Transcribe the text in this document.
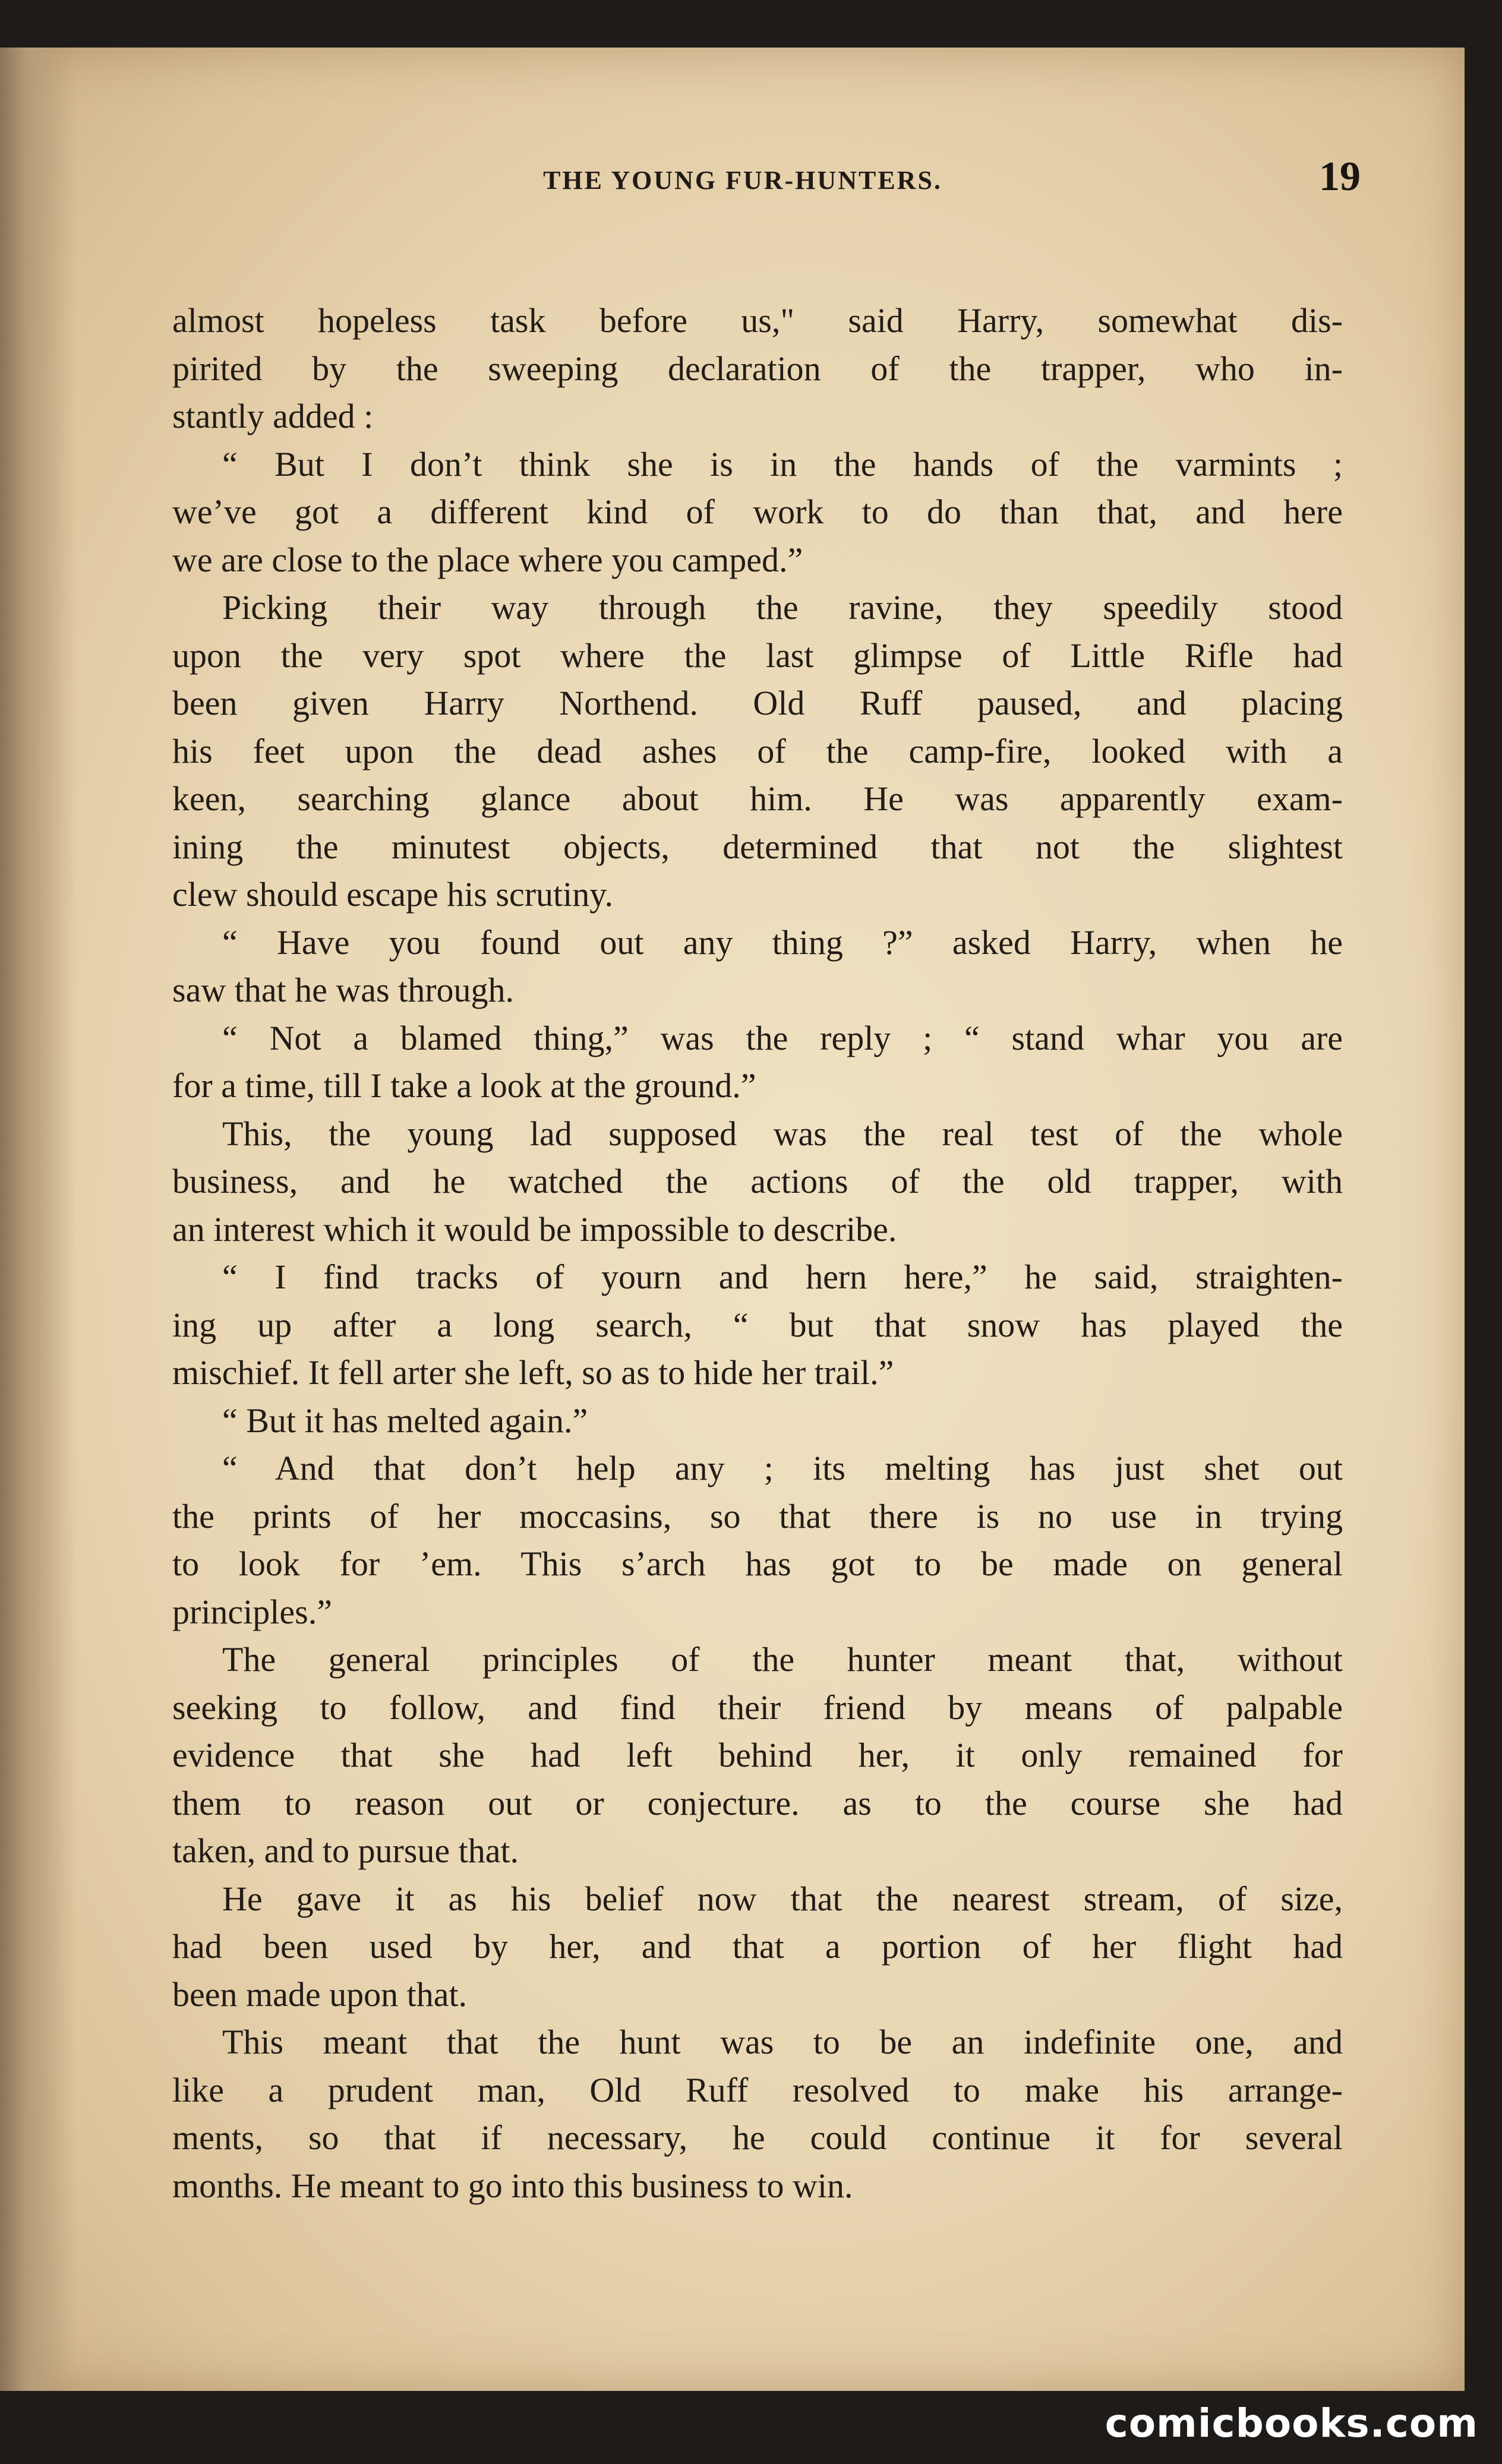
THE YOUNG FUR-HUNTERS.	19
almost hopeless task before us," said Harry, somewhat dis-
pirited by the sweeping declaration of the trapper, who in-
stantly added :
“ But I don’t think she is in the hands of the varmints ;
we’ve got a different kind of work to do than that, and here
we are close to the place where you camped.”
Picking their way through the ravine, they speedily stood
upon the very spot where the last glimpse of Little Rifle had
been given Harry Northend. Old Ruff paused, and placing
his feet upon the dead ashes of the camp-fire, looked with a
keen, searching glance about him. He was apparently exam-
ining the minutest objects, determined that not the slightest
clew should escape his scrutiny.
“ Have you found out any thing ?” asked Harry, when he
saw that he was through.
“ Not a blamed thing,” was the reply ; “ stand whar you are
for a time, till I take a look at the ground.”
This, the young lad supposed was the real test of the whole
business, and he watched the actions of the old trapper, with
an interest which it would be impossible to describe.
“ I find tracks of yourn and hern here,” he said, straighten-
ing up after a long search, “ but that snow has played the
mischief. It fell arter she left, so as to hide her trail.”
“ But it has melted again.”
“ And that don’t help any ; its melting has just shet out
the prints of her moccasins, so that there is no use in trying
to look for ’em. This s’arch has got to be made on general
principles.”
The general principles of the hunter meant that, without
seeking to follow, and find their friend by means of palpable
evidence that she had left behind her, it only remained for
them to reason out or conjecture. as to the course she had
taken, and to pursue that.
He gave it as his belief now that the nearest stream, of size,
had been used by her, and that a portion of her flight had
been made upon that.
This meant that the hunt was to be an indefinite one, and
like a prudent man, Old Ruff resolved to make his arrange-
ments, so that if necessary, he could continue it for several
months. He meant to go into this business to win.
comicbooks.com
